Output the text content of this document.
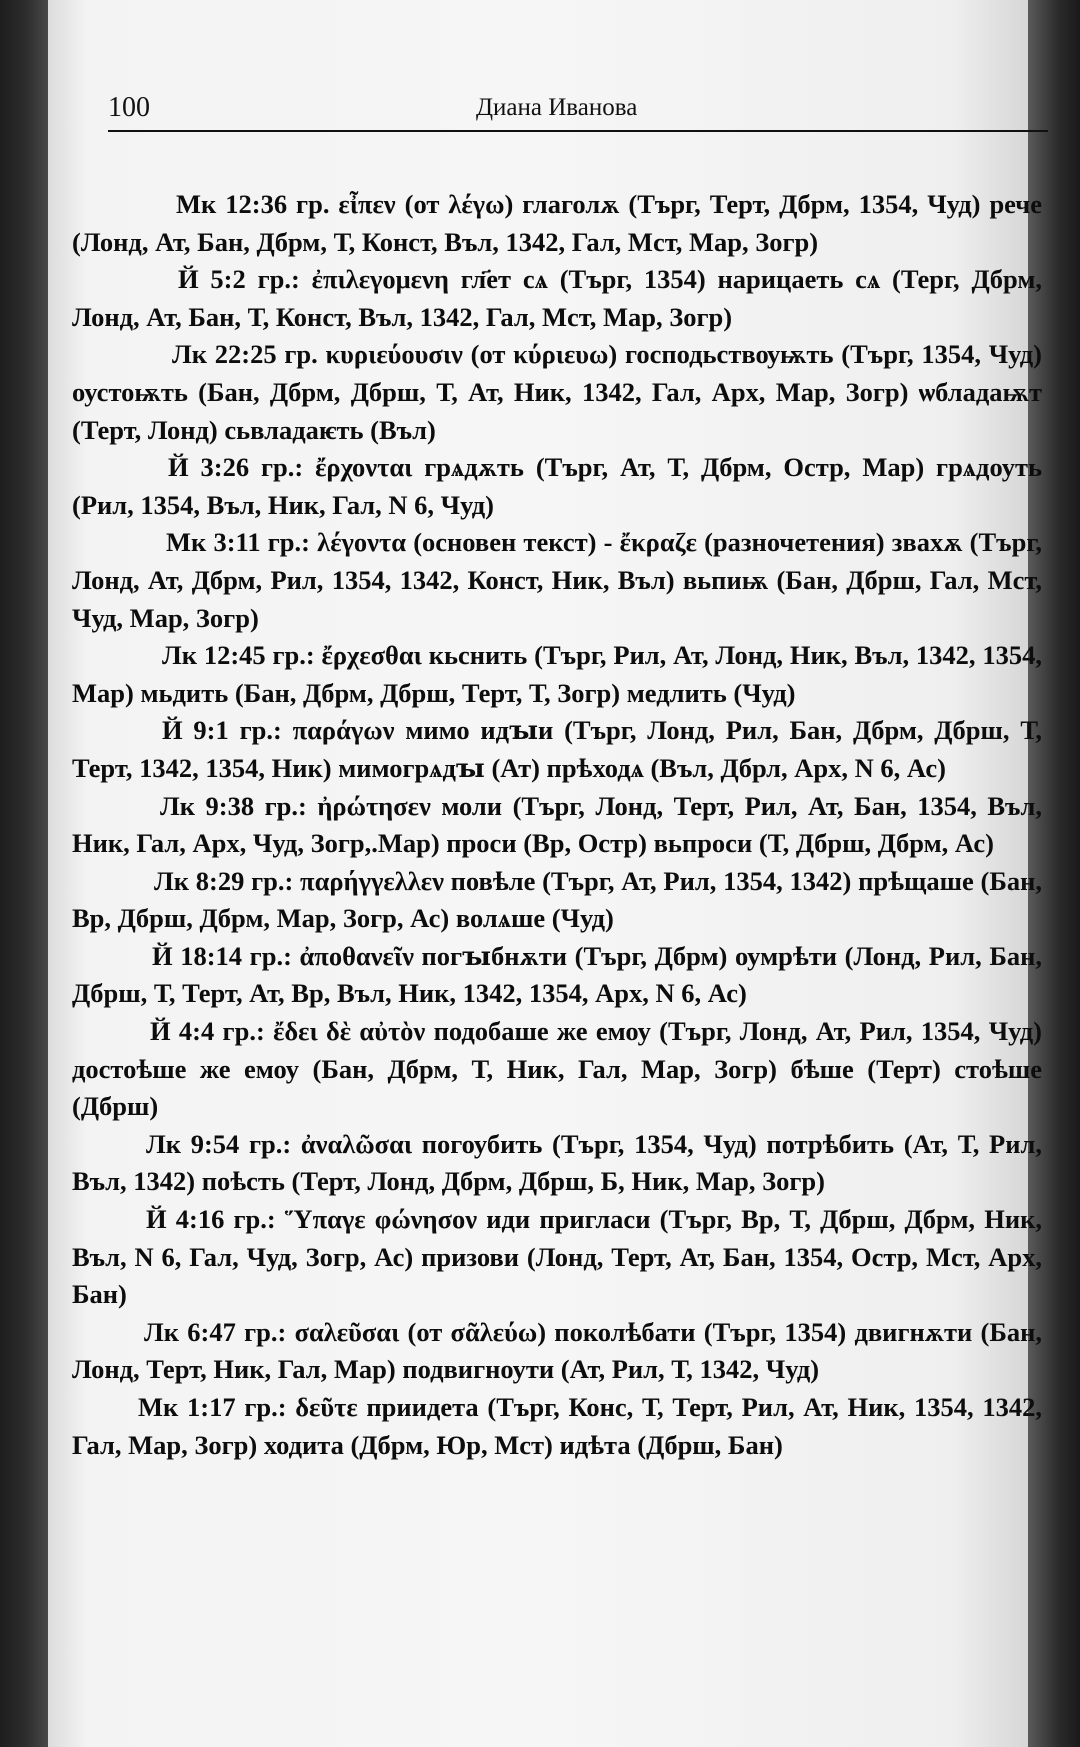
100	Диана Иванова

Мк 12:36 гр. εἶπεν (от λέγω) глаголѫ (Търг, Терт, Дбрм, 1354, Чуд) рече (Лонд, Ат, Бан, Дбрм, Т, Конст, Въл, 1342, Гал, Мст, Мар, Зогр)

Й 5:2 гр.: ἐπιλεγομενη гл҃ет сѧ (Търг, 1354) нарицаеть сѧ (Терг, Дбрм, Лонд, Ат, Бан, Т, Конст, Въл, 1342, Гал, Мст, Мар, Зогр)

Лк 22:25 гр. κυριεύουσιν (от κύριευω) господьствѹѭть (Търг, 1354, Чуд) оустоѭть (Бан, Дбрм, Дбрш, Т, Ат, Ник, 1342, Гал, Арх, Мар, Зогр) ѡбладаѭт (Терт, Лонд) сьвладаѥть (Въл)

Й 3:26 гр.: ἔρχονται грѧдѫть (Търг, Ат, Т, Дбрм, Остр, Мар) грѧдоуть (Рил, 1354, Въл, Ник, Гал, N 6, Чуд)

Мк 3:11 гр.: λέγοντα (основен текст) - ἔκραζε (разночетения) звахѫ (Търг, Лонд, Ат, Дбрм, Рил, 1354, 1342, Конст, Ник, Въл) вьпиѭ (Бан, Дбрш, Гал, Мст, Чуд, Мар, Зогр)

Лк 12:45 гр.: ἔρχεσθαι кьснить (Търг, Рил, Ат, Лонд, Ник, Въл, 1342, 1354, Мар) мьдить (Бан, Дбрм, Дбрш, Терт, Т, Зогр) медлить (Чуд)

Й 9:1 гр.: παράγων мимо идꙑи (Търг, Лонд, Рил, Бан, Дбрм, Дбрш, Т, Терт, 1342, 1354, Ник) мимогрѧдꙑ (Ат) прѣходѧ (Въл, Дбрл, Арх, N 6, Ас)

Лк 9:38 гр.: ἠρώτησεν моли (Търг, Лонд, Терт, Рил, Ат, Бан, 1354, Въл, Ник, Гал, Арх, Чуд, Зогр,.Мар) проси (Вр, Остр) вьпроси (Т, Дбрш, Дбрм, Ас)

Лк 8:29 гр.: παρήγγελλεν повѣле (Търг, Ат, Рил, 1354, 1342) прѣщаше (Бан, Вр, Дбрш, Дбрм, Мар, Зогр, Ас) волѧше (Чуд)

Й 18:14 гр.: ἀποθανεῖν погꙑбнѫти (Търг, Дбрм) оумрѣти (Лонд, Рил, Бан, Дбрш, Т, Терт, Ат, Вр, Въл, Ник, 1342, 1354, Арх, N 6, Ас)

Й 4:4 гр.: ἔδει δὲ αὐτὸν подобаше же емоу (Търг, Лонд, Ат, Рил, 1354, Чуд) достоѣше же емоу (Бан, Дбрм, Т, Ник, Гал, Мар, Зогр) бѣше (Терт) стоѣше (Дбрш)

Лк 9:54 гр.: ἀναλῶσαι погоубить (Търг, 1354, Чуд) потрѣбить (Ат, Т, Рил, Въл, 1342) поѣсть (Терт, Лонд, Дбрм, Дбрш, Б, Ник, Мар, Зогр)

Й 4:16 гр.: Ὕπαγε φώνησον иди пригласи (Търг, Вр, Т, Дбрш, Дбрм, Ник, Въл, N 6, Гал, Чуд, Зогр, Ас) призови (Лонд, Терт, Ат, Бан, 1354, Остр, Мст, Арх, Бан)

Лк 6:47 гр.: σαλεῦσαι (от σᾶλεύω) поколѣбати (Търг, 1354) двигнѫти (Бан, Лонд, Терт, Ник, Гал, Мар) подвигноути (Ат, Рил, Т, 1342, Чуд)

Мк 1:17 гр.: δεῦτε приидета (Търг, Конс, Т, Терт, Рил, Ат, Ник, 1354, 1342, Гал, Мар, Зогр) ходита (Дбрм, Юр, Мст) идѣта (Дбрш, Бан)
